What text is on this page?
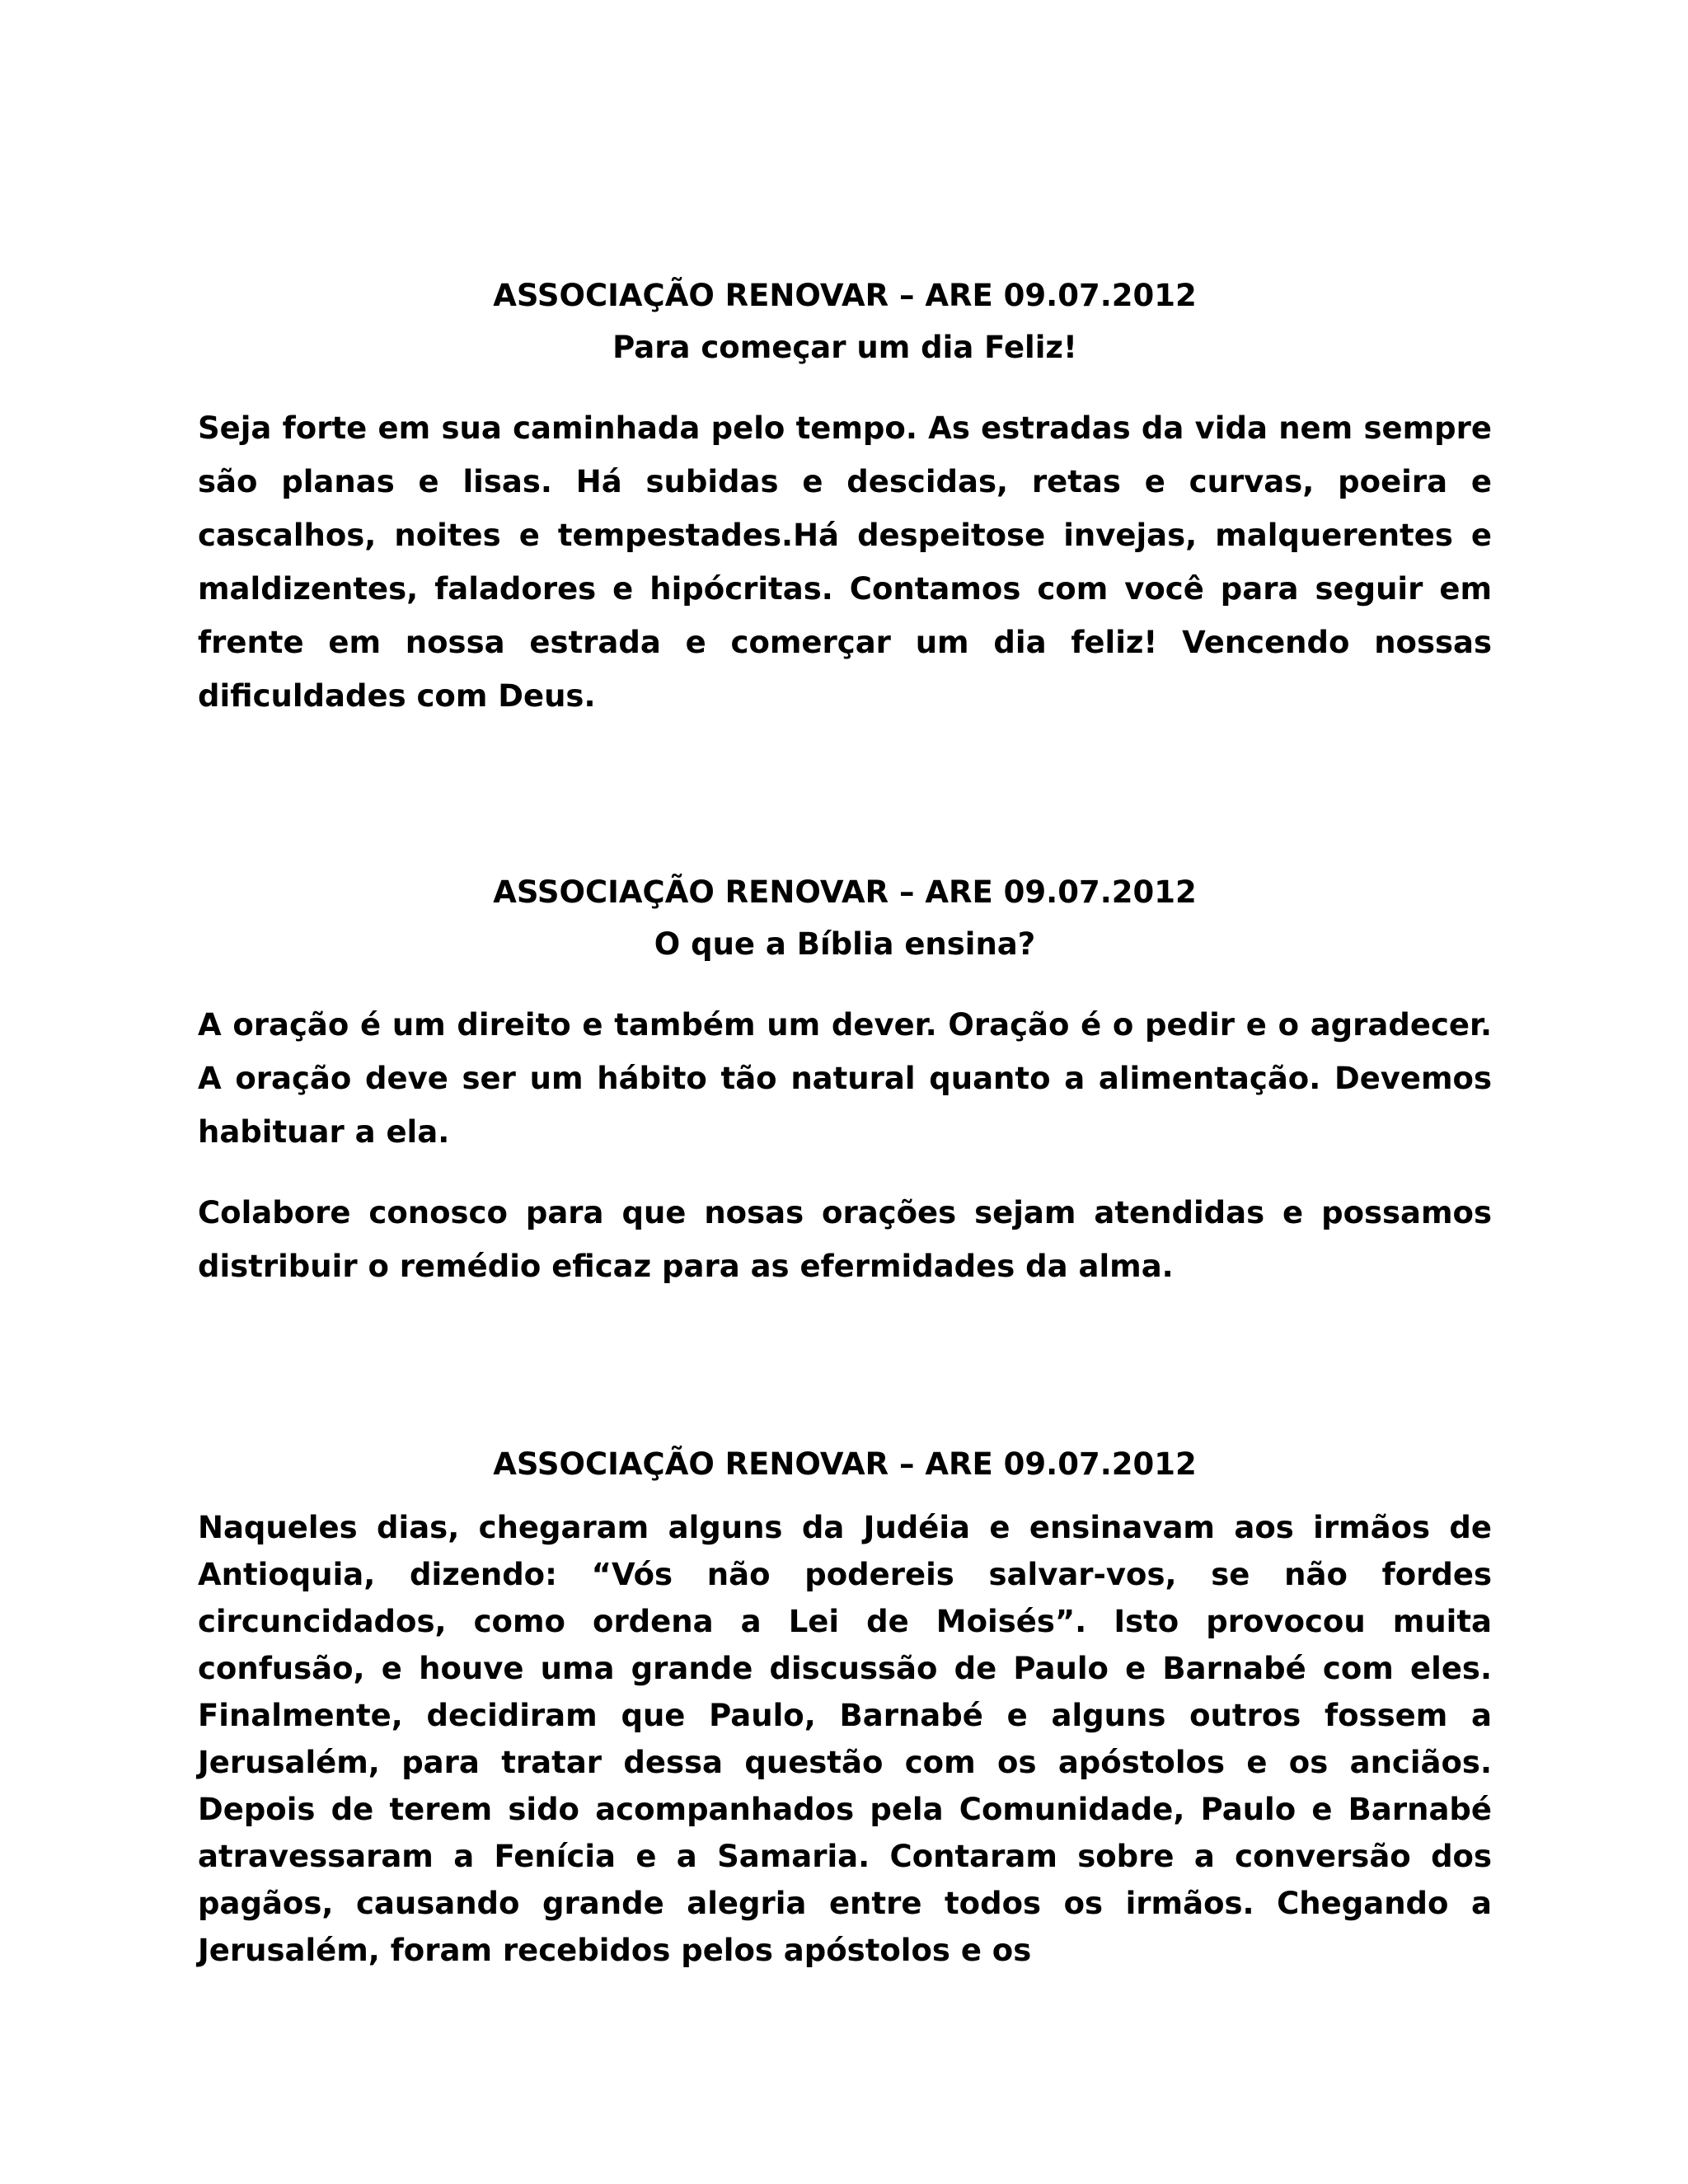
ASSOCIAÇÃO RENOVAR – ARE 09.07.2012
Para começar um dia Feliz!

Seja forte em sua caminhada pelo tempo. As estradas da vida nem sempre são planas e lisas. Há subidas e descidas, retas e curvas, poeira e cascalhos, noites e tempestades.Há despeitose invejas, malquerentes e maldizentes, faladores e hipócritas. Contamos com você para seguir em frente em nossa estrada e comerçar um dia feliz! Vencendo nossas dificuldades com Deus.

ASSOCIAÇÃO RENOVAR – ARE 09.07.2012
O que a Bíblia ensina?

A oração é um direito e também um dever. Oração é o pedir e o agradecer. A oração deve ser um hábito tão natural quanto a alimentação. Devemos habituar a ela.

Colabore conosco para que nosas orações sejam atendidas e possamos distribuir o remédio eficaz para as efermidades da alma.

ASSOCIAÇÃO RENOVAR – ARE 09.07.2012

Naqueles dias, chegaram alguns da Judéia e ensinavam aos irmãos de Antioquia, dizendo: “Vós não podereis salvar-vos, se não fordes circuncidados, como ordena a Lei de Moisés”. Isto provocou muita confusão, e houve uma grande discussão de Paulo e Barnabé com eles. Finalmente, decidiram que Paulo, Barnabé e alguns outros fossem a Jerusalém, para tratar dessa questão com os apóstolos e os anciãos. Depois de terem sido acompanhados pela Comunidade, Paulo e Barnabé atravessaram a Fenícia e a Samaria. Contaram sobre a conversão dos pagãos, causando grande alegria entre todos os irmãos. Chegando a Jerusalém, foram recebidos pelos apóstolos e os
